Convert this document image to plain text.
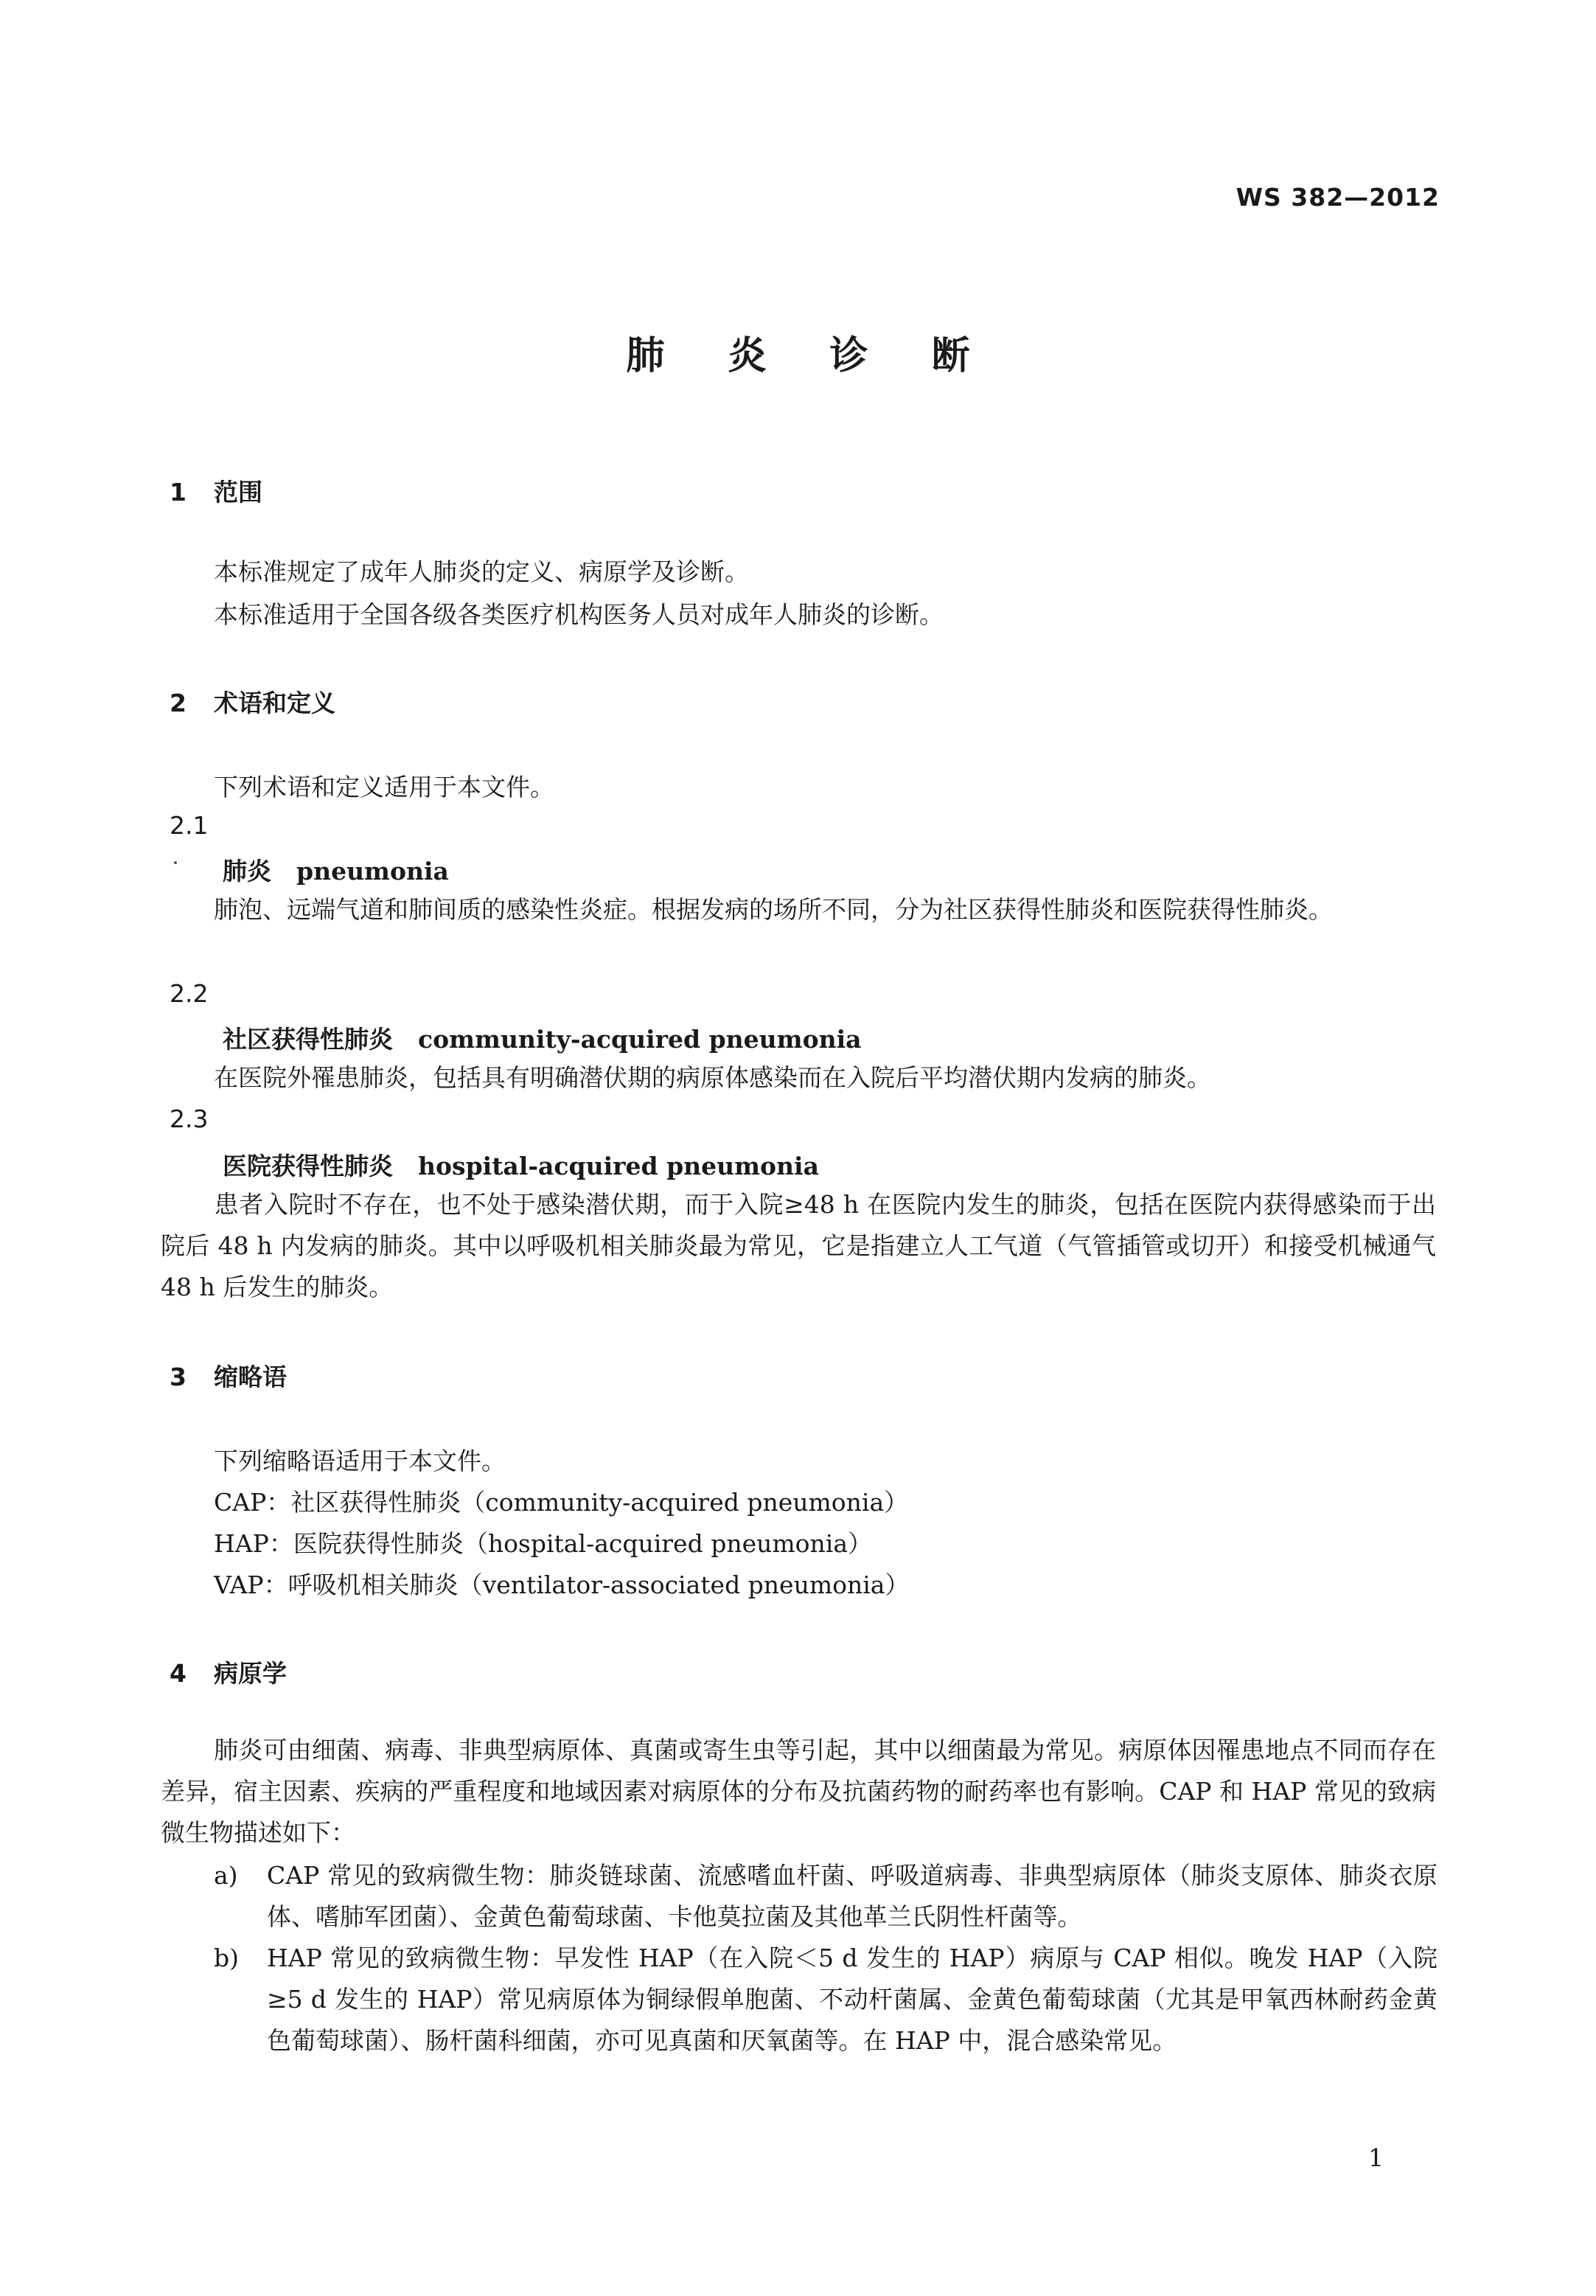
WS 382—2012
肺 炎 诊 断
1 范围
本标准规定了成年人肺炎的定义、病原学及诊断。
本标准适用于全国各级各类医疗机构医务人员对成年人肺炎的诊断。
2 术语和定义
下列术语和定义适用于本文件。
2.1
肺炎 pneumonia
肺泡、远端气道和肺间质的感染性炎症。根据发病的场所不同，分为社区获得性肺炎和医院获得性肺炎。
2.2
社区获得性肺炎 community-acquired pneumonia
在医院外罹患肺炎，包括具有明确潜伏期的病原体感染而在入院后平均潜伏期内发病的肺炎。
2.3
医院获得性肺炎 hospital-acquired pneumonia
患者入院时不存在，也不处于感染潜伏期，而于入院≥48 h 在医院内发生的肺炎，包括在医院内获得感染而于出院后 48 h 内发病的肺炎。其中以呼吸机相关肺炎最为常见，它是指建立人工气道（气管插管或切开）和接受机械通气 48 h 后发生的肺炎。
3 缩略语
下列缩略语适用于本文件。
CAP：社区获得性肺炎（community-acquired pneumonia）
HAP：医院获得性肺炎（hospital-acquired pneumonia）
VAP：呼吸机相关肺炎（ventilator-associated pneumonia）
4 病原学
肺炎可由细菌、病毒、非典型病原体、真菌或寄生虫等引起，其中以细菌最为常见。病原体因罹患地点不同而存在差异，宿主因素、疾病的严重程度和地域因素对病原体的分布及抗菌药物的耐药率也有影响。CAP 和 HAP 常见的致病微生物描述如下：
a) CAP 常见的致病微生物：肺炎链球菌、流感嗜血杆菌、呼吸道病毒、非典型病原体（肺炎支原体、肺炎衣原体、嗜肺军团菌）、金黄色葡萄球菌、卡他莫拉菌及其他革兰氏阴性杆菌等。
b) HAP 常见的致病微生物：早发性 HAP（在入院＜5 d 发生的 HAP）病原与 CAP 相似。晚发 HAP（入院≥5 d 发生的 HAP）常见病原体为铜绿假单胞菌、不动杆菌属、金黄色葡萄球菌（尤其是甲氧西林耐药金黄色葡萄球菌）、肠杆菌科细菌，亦可见真菌和厌氧菌等。在 HAP 中，混合感染常见。
1
